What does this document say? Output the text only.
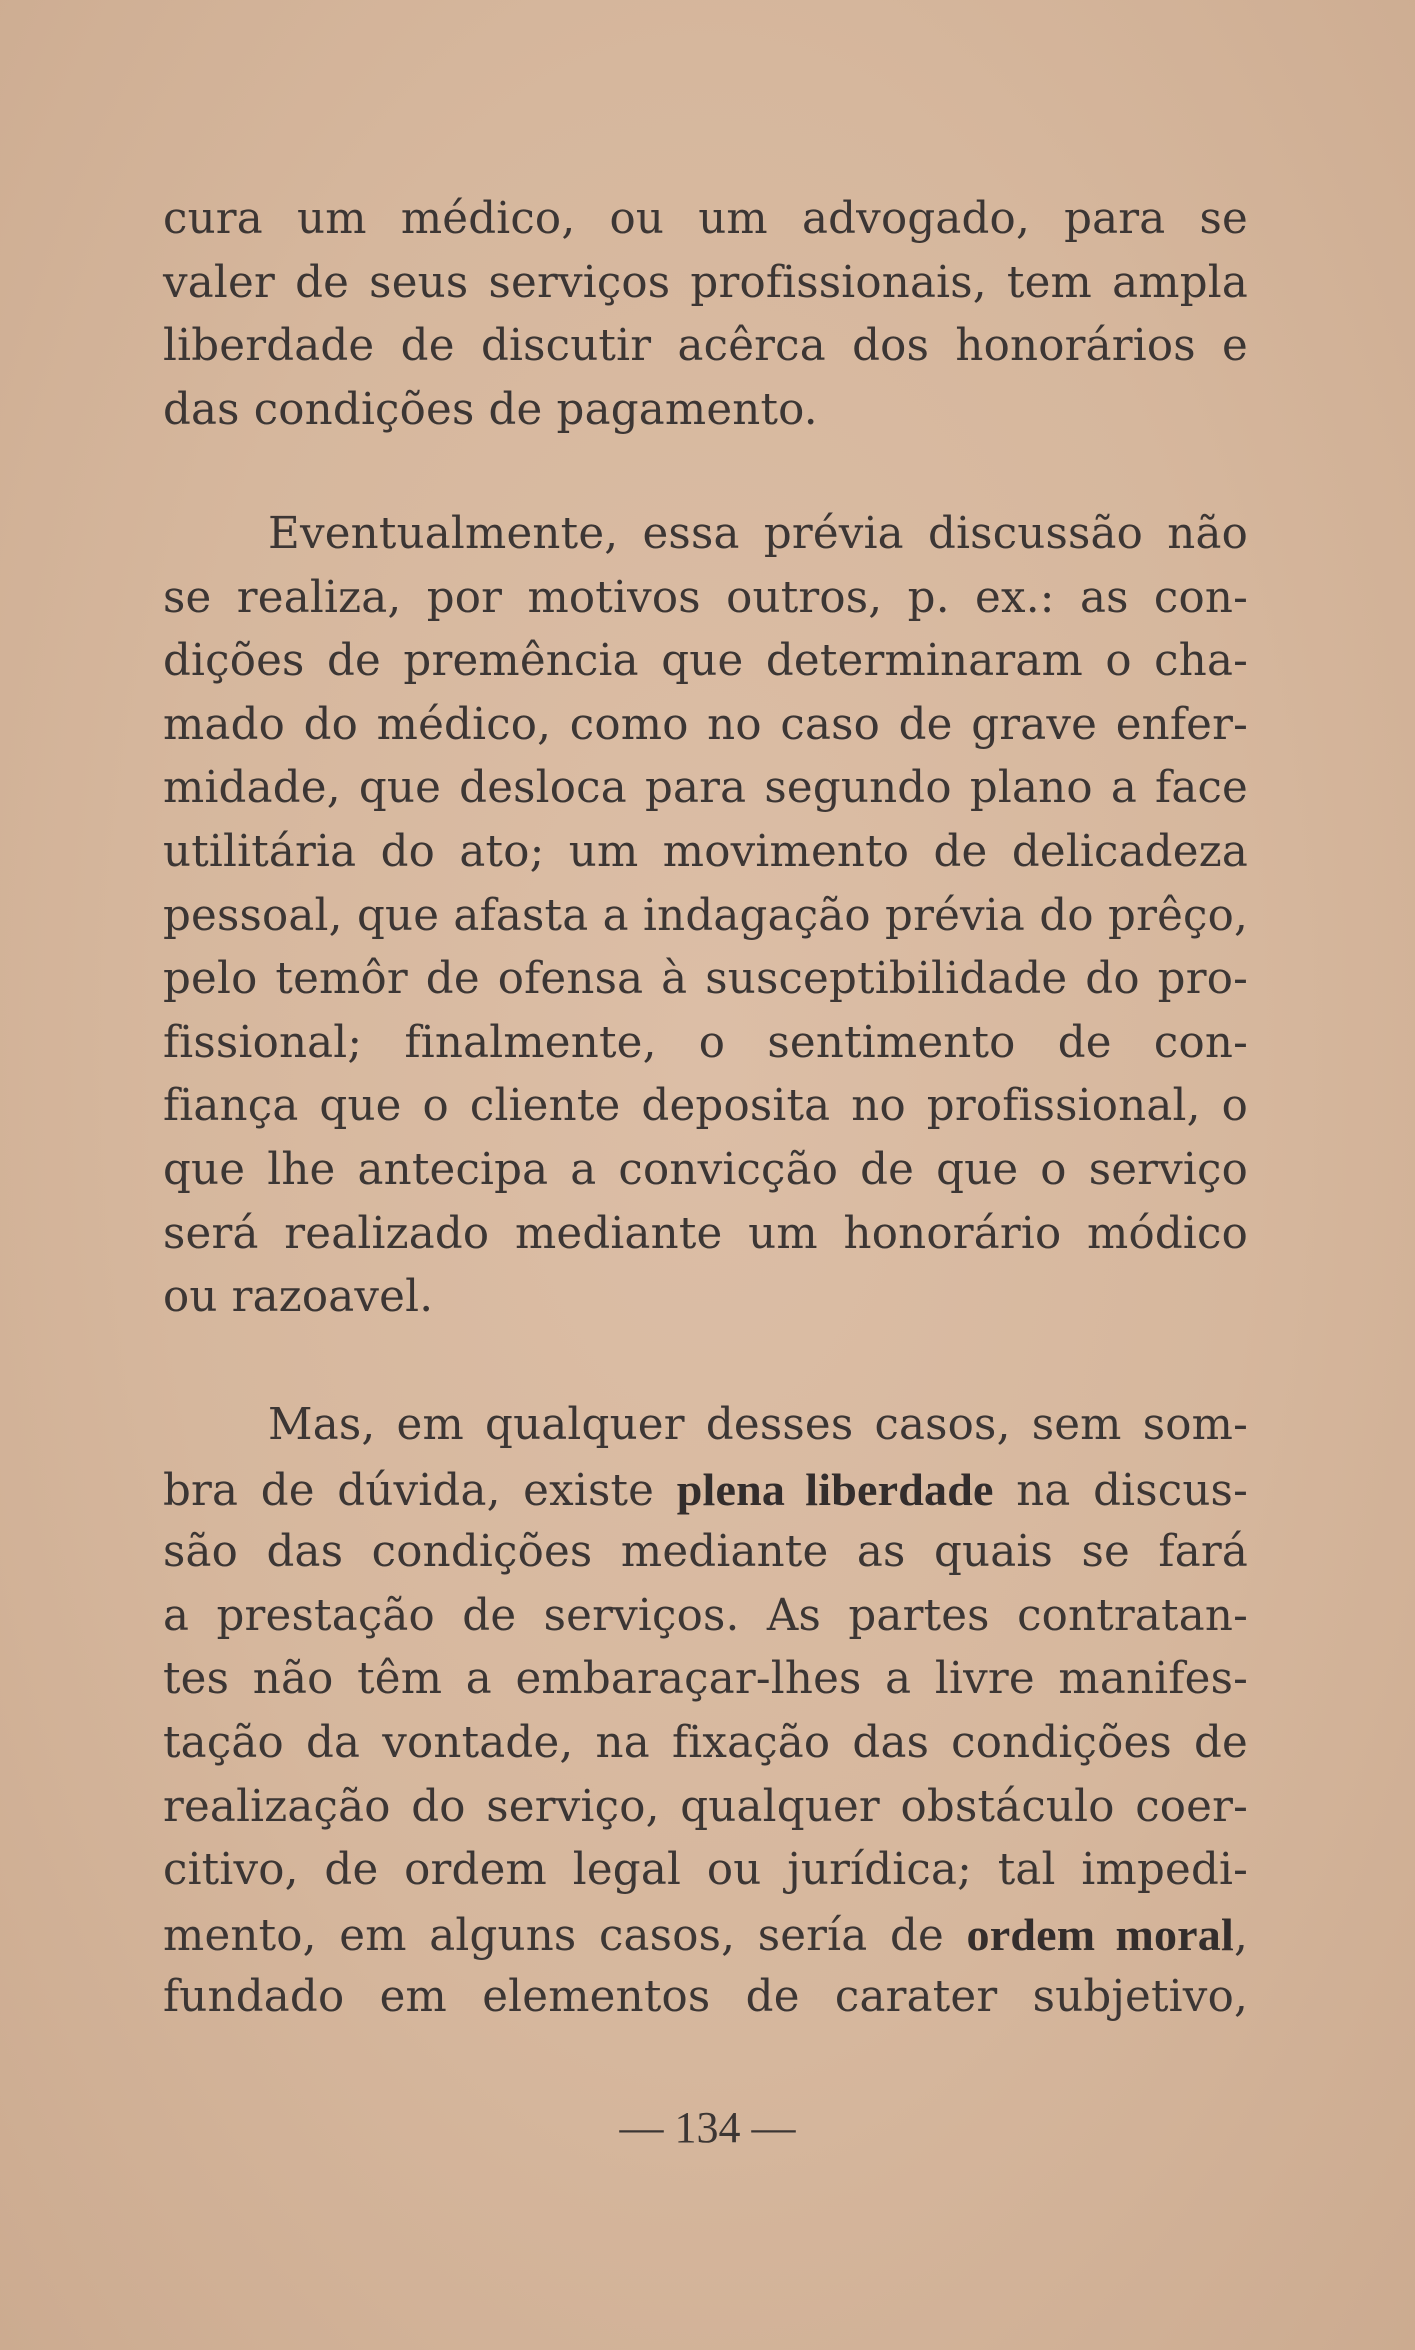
cura um médico, ou um advogado, para se
valer de seus serviços profissionais, tem ampla
liberdade de discutir acêrca dos honorários e
das condições de pagamento.
Eventualmente, essa prévia discussão não
se realiza, por motivos outros, p. ex.: as con-
dições de premência que determinaram o cha-
mado do médico, como no caso de grave enfer-
midade, que desloca para segundo plano a face
utilitária do ato; um movimento de delicadeza
pessoal, que afasta a indagação prévia do prêço,
pelo temôr de ofensa à susceptibilidade do pro-
fissional; finalmente, o sentimento de con-
fiança que o cliente deposita no profissional, o
que lhe antecipa a convicção de que o serviço
será realizado mediante um honorário módico
ou razoavel.
Mas, em qualquer desses casos, sem som-
bra de dúvida, existe plena liberdade na discus-
são das condições mediante as quais se fará
a prestação de serviços. As partes contratan-
tes não têm a embaraçar-lhes a livre manifes-
tação da vontade, na fixação das condições de
realização do serviço, qualquer obstáculo coer-
citivo, de ordem legal ou jurídica; tal impedi-
mento, em alguns casos, sería de ordem moral,
fundado em elementos de carater subjetivo,
— 134 —
